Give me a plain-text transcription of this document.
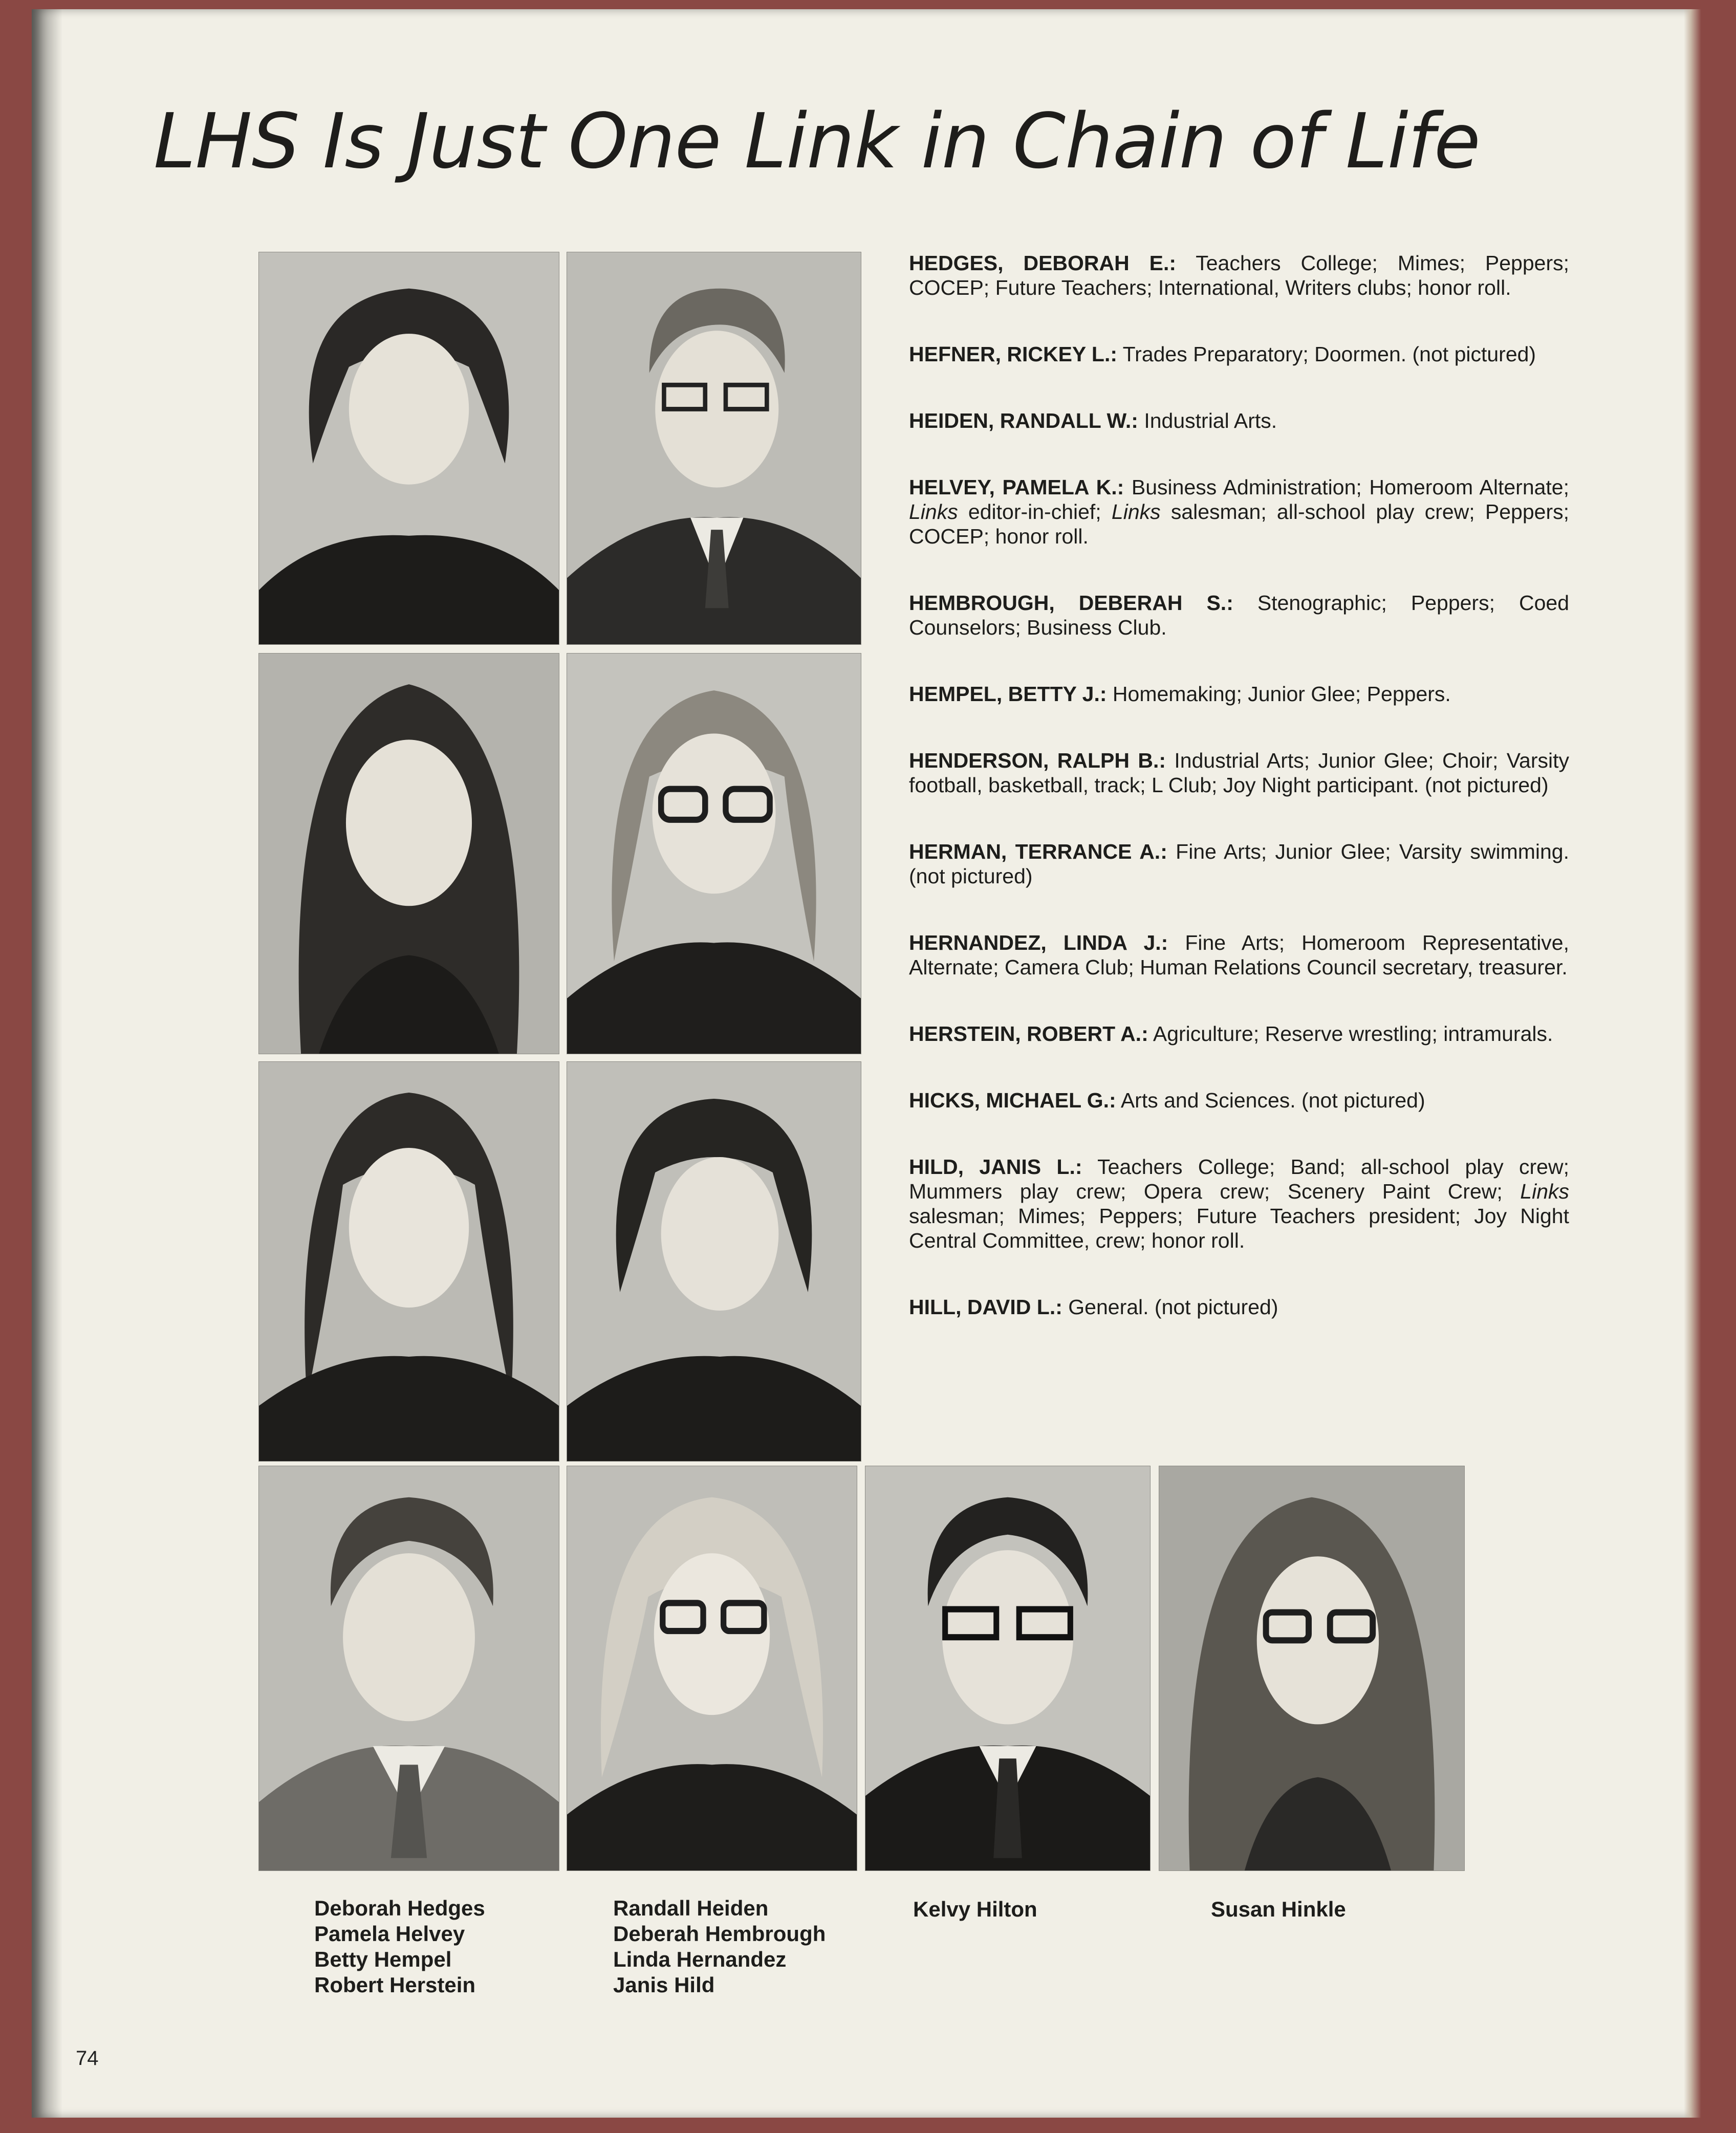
LHS Is Just One Link in Chain of Life

HEDGES, DEBORAH E.: Teachers College; Mimes; Peppers; COCEP; Future Teachers; International, Writers clubs; honor roll.

HEFNER, RICKEY L.: Trades Preparatory; Doormen. (not pictured)

HEIDEN, RANDALL W.: Industrial Arts.

HELVEY, PAMELA K.: Business Administration; Homeroom Alternate; Links editor-in-chief; Links salesman; all-school play crew; Peppers; COCEP; honor roll.

HEMBROUGH, DEBERAH S.: Stenographic; Peppers; Coed Counselors; Business Club.

HEMPEL, BETTY J.: Homemaking; Junior Glee; Peppers.

HENDERSON, RALPH B.: Industrial Arts; Junior Glee; Choir; Varsity football, basketball, track; L Club; Joy Night participant. (not pictured)

HERMAN, TERRANCE A.: Fine Arts; Junior Glee; Varsity swimming. (not pictured)

HERNANDEZ, LINDA J.: Fine Arts; Homeroom Representative, Alternate; Camera Club; Human Relations Council secretary, treasurer.

HERSTEIN, ROBERT A.: Agriculture; Reserve wrestling; intramurals.

HICKS, MICHAEL G.: Arts and Sciences. (not pictured)

HILD, JANIS L.: Teachers College; Band; all-school play crew; Mummers play crew; Opera crew; Scenery Paint Crew; Links salesman; Mimes; Peppers; Future Teachers president; Joy Night Central Committee, crew; honor roll.

HILL, DAVID L.: General. (not pictured)

Deborah Hedges
Pamela Helvey
Betty Hempel
Robert Herstein
Randall Heiden
Deberah Hembrough
Linda Hernandez
Janis Hild
Kelvy Hilton	Susan Hinkle
74
